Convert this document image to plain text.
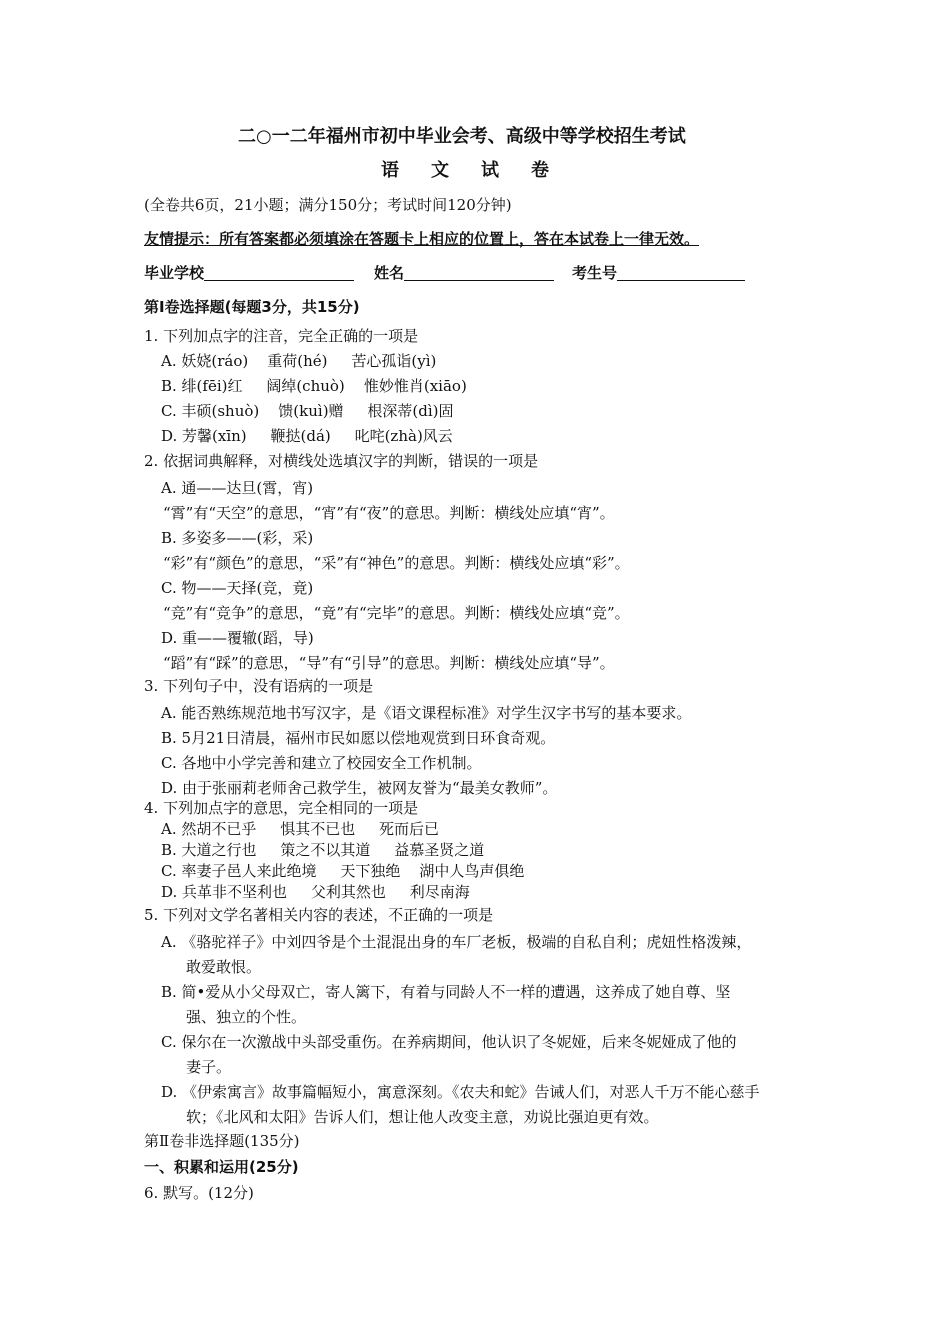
二○一二年福州市初中毕业会考、高级中等学校招生考试
语文试卷
(全卷共6页，21小题；满分150分；考试时间120分钟)
友情提示：所有答案都必须填涂在答题卡上相应的位置上，答在本试卷上一律无效。
毕业学校	姓名	考生号
第Ⅰ卷选择题(每题3分，共15分)
1. 下列加点字的注音，完全正确的一项是
A. 妖娆(ráo)    重荷(hé)     苦心孤诣(yì)
B. 绯(fēi)红     阔绰(chuò)    惟妙惟肖(xiāo)
C. 丰硕(shuò)    馈(kuì)赠     根深蒂(dì)固
D. 芳馨(xīn)     鞭挞(dá)     叱咤(zhà)风云
2. 依据词典解释，对横线处选填汉字的判断，错误的一项是
A. 通——达旦(霄，宵)
“霄”有“天空”的意思，“宵”有“夜”的意思。判断：横线处应填“宵”。
B. 多姿多——(彩，采)
“彩”有“颜色”的意思，“采”有“神色”的意思。判断：横线处应填“彩”。
C. 物——天择(竞，竟)
“竞”有“竞争”的意思，“竟”有“完毕”的意思。判断：横线处应填“竞”。
D. 重——覆辙(蹈，导)
“蹈”有“踩”的意思，“导”有“引导”的意思。判断：横线处应填“导”。
3. 下列句子中，没有语病的一项是
A. 能否熟练规范地书写汉字，是《语文课程标准》对学生汉字书写的基本要求。
B. 5月21日清晨，福州市民如愿以偿地观赏到日环食奇观。
C. 各地中小学完善和建立了校园安全工作机制。
D. 由于张丽莉老师舍己救学生，被网友誉为“最美女教师”。
4. 下列加点字的意思，完全相同的一项是
A. 然胡不已乎     惧其不已也     死而后已
B. 大道之行也     策之不以其道     益慕圣贤之道
C. 率妻子邑人来此绝境     天下独绝    湖中人鸟声俱绝
D. 兵革非不坚利也     父利其然也     利尽南海
5. 下列对文学名著相关内容的表述，不正确的一项是
A. 《骆驼祥子》中刘四爷是个土混混出身的车厂老板，极端的自私自利；虎妞性格泼辣，
敢爱敢恨。
B. 简•爱从小父母双亡，寄人篱下，有着与同龄人不一样的遭遇，这养成了她自尊、坚
强、独立的个性。
C. 保尔在一次激战中头部受重伤。在养病期间，他认识了冬妮娅，后来冬妮娅成了他的
妻子。
D. 《伊索寓言》故事篇幅短小，寓意深刻。《农夫和蛇》告诫人们，对恶人千万不能心慈手
软；《北风和太阳》告诉人们，想让他人改变主意，劝说比强迫更有效。
第Ⅱ卷非选择题(135分)
一、积累和运用(25分)
6. 默写。(12分)
